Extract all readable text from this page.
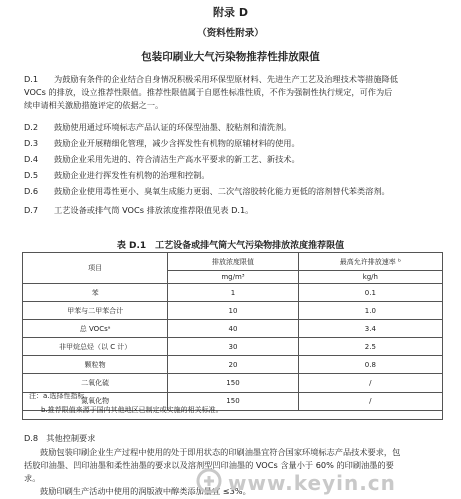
附录 D
（资料性附录）
包装印刷业大气污染物推荐性排放限值
D.1 为鼓励有条件的企业结合自身情况积极采用环保型原材料、先进生产工艺及治理技术等措施降低
VOCs 的排放，设立推荐性限值。推荐性限值属于自愿性标准性质，不作为强制性执行规定，可作为后
续申请相关激励措施评定的依据之一。
D.2 鼓励使用通过环境标志产品认证的环保型油墨、胶粘剂和清洗剂。
D.3 鼓励企业开展精细化管理，减少含挥发性有机物的原辅材料的使用。
D.4 鼓励企业采用先进的、符合清洁生产高水平要求的新工艺、新技术。
D.5 鼓励企业进行挥发性有机物的治理和控制。
D.6 鼓励企业使用毒性更小、臭氧生成能力更弱、二次气溶胶转化能力更低的溶剂替代苯类溶剂。
D.7 工艺设备或排气筒 VOCs 排放浓度推荐限值见表 D.1。
表 D.1　工艺设备或排气筒大气污染物排放浓度推荐限值
项目	排放浓度限值	最高允许排放速率 ᵇ
	mg/m³	kg/h
苯	1	0.1
甲苯与二甲苯合计	10	1.0
总 VOCsᵃ	40	3.4
非甲烷总烃（以 C 计）	30	2.5
颗粒物	20	0.8
二氧化硫	150	/
氮氧化物	150	/
注：a.选择性指标。
b.推荐限值来源于国内其他地区已制定或实施的相关标准。
D.8　其他控制要求
鼓励包装印刷企业生产过程中使用的处于即用状态的印刷油墨宜符合国家环境标志产品技术要求，包
括胶印油墨、凹印油墨和柔性油墨的要求以及溶剂型凹印油墨的 VOCs 含量小于 60% 的印刷油墨的要
求。
鼓励印刷生产活动中使用的润版液中醇类添加量宜 ≤3%。
www.keyin.cn
